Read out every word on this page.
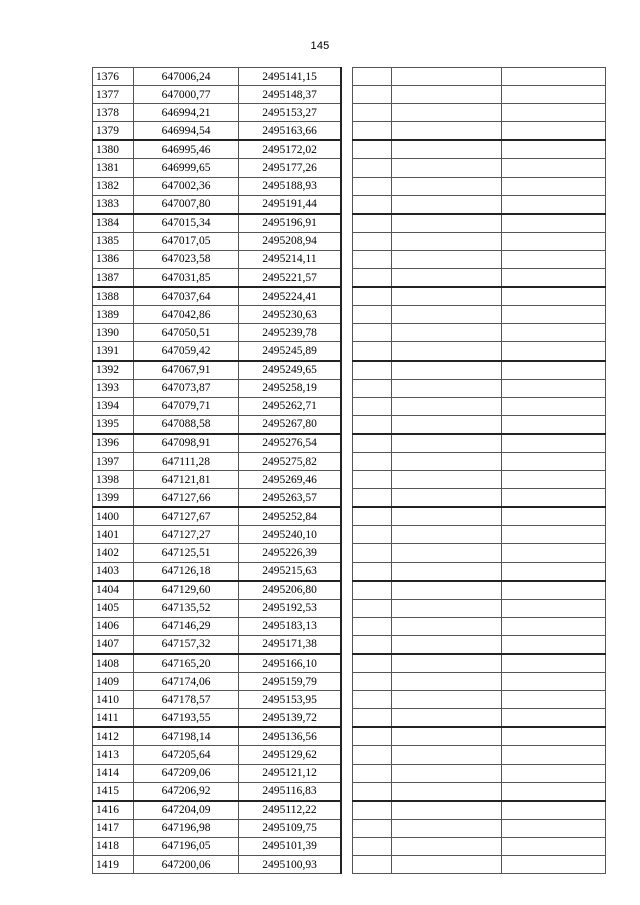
145
1376	647006,24	2495141,15
1377	647000,77	2495148,37
1378	646994,21	2495153,27
1379	646994,54	2495163,66
1380	646995,46	2495172,02
1381	646999,65	2495177,26
1382	647002,36	2495188,93
1383	647007,80	2495191,44
1384	647015,34	2495196,91
1385	647017,05	2495208,94
1386	647023,58	2495214,11
1387	647031,85	2495221,57
1388	647037,64	2495224,41
1389	647042,86	2495230,63
1390	647050,51	2495239,78
1391	647059,42	2495245,89
1392	647067,91	2495249,65
1393	647073,87	2495258,19
1394	647079,71	2495262,71
1395	647088,58	2495267,80
1396	647098,91	2495276,54
1397	647111,28	2495275,82
1398	647121,81	2495269,46
1399	647127,66	2495263,57
1400	647127,67	2495252,84
1401	647127,27	2495240,10
1402	647125,51	2495226,39
1403	647126,18	2495215,63
1404	647129,60	2495206,80
1405	647135,52	2495192,53
1406	647146,29	2495183,13
1407	647157,32	2495171,38
1408	647165,20	2495166,10
1409	647174,06	2495159,79
1410	647178,57	2495153,95
1411	647193,55	2495139,72
1412	647198,14	2495136,56
1413	647205,64	2495129,62
1414	647209,06	2495121,12
1415	647206,92	2495116,83
1416	647204,09	2495112,22
1417	647196,98	2495109,75
1418	647196,05	2495101,39
1419	647200,06	2495100,93
